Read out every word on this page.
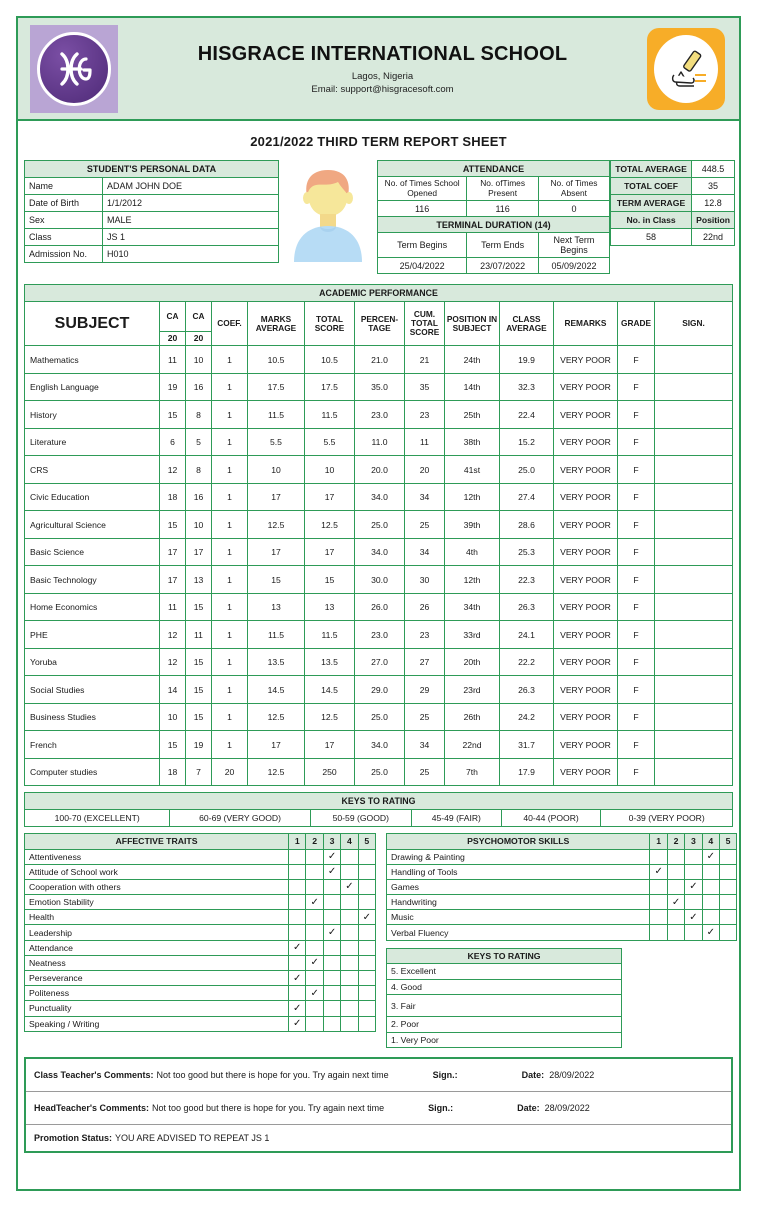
HISGRACE INTERNATIONAL SCHOOL
Lagos, Nigeria
Email: support@hisgracesoft.com
2021/2022 THIRD TERM REPORT SHEET
STUDENT'S PERSONAL DATA	
Name	ADAM JOHN DOE
Date of Birth	1/1/2012
Sex	MALE
Class	JS 1
Admission No.	H010
ATTENDANCE		
No. of Times School Opened	No. ofTimes Present	No. of Times Absent
116	116	0
TERMINAL DURATION (14)		
Term Begins	Term Ends	Next Term Begins
25/04/2022	23/07/2022	05/09/2022
TOTAL AVERAGE	448.5
TOTAL COEF	35
TERM AVERAGE	12.8
No. in Class	Position
58	22nd
ACADEMIC PERFORMANCE
SUBJECT	CA	CA	COEF.	MARKS AVERAGE	TOTAL SCORE	PERCEN-TAGE	CUM. TOTAL SCORE	POSITION IN SUBJECT	CLASS AVERAGE	REMARKS	GRADE	SIGN.
	20	20										
Mathematics	11	10	1	10.5	10.5	21.0	21	24th	19.9	VERY POOR	F	
English Language	19	16	1	17.5	17.5	35.0	35	14th	32.3	VERY POOR	F	
History	15	8	1	11.5	11.5	23.0	23	25th	22.4	VERY POOR	F	
Literature	6	5	1	5.5	5.5	11.0	11	38th	15.2	VERY POOR	F	
CRS	12	8	1	10	10	20.0	20	41st	25.0	VERY POOR	F	
Civic Education	18	16	1	17	17	34.0	34	12th	27.4	VERY POOR	F	
Agricultural Science	15	10	1	12.5	12.5	25.0	25	39th	28.6	VERY POOR	F	
Basic Science	17	17	1	17	17	34.0	34	4th	25.3	VERY POOR	F	
Basic Technology	17	13	1	15	15	30.0	30	12th	22.3	VERY POOR	F	
Home Economics	11	15	1	13	13	26.0	26	34th	26.3	VERY POOR	F	
PHE	12	11	1	11.5	11.5	23.0	23	33rd	24.1	VERY POOR	F	
Yoruba	12	15	1	13.5	13.5	27.0	27	20th	22.2	VERY POOR	F	
Social Studies	14	15	1	14.5	14.5	29.0	29	23rd	26.3	VERY POOR	F	
Business Studies	10	15	1	12.5	12.5	25.0	25	26th	24.2	VERY POOR	F	
French	15	19	1	17	17	34.0	34	22nd	31.7	VERY POOR	F	
Computer studies	18	7	20	12.5	250	25.0	25	7th	17.9	VERY POOR	F	
KEYS TO RATING
100-70 (EXCELLENT)	60-69 (VERY GOOD)	50-59 (GOOD)	45-49 (FAIR)	40-44 (POOR)	0-39 (VERY POOR)
AFFECTIVE TRAITS	1	2	3	4	5
Attentiveness			✓		
Attitude of School work			✓		
Cooperation with others				✓	
Emotion Stability		✓			
Health					✓
Leadership			✓		
Attendance	✓				
Neatness		✓			
Perseverance	✓				
Politeness		✓			
Punctuality	✓				
Speaking / Writing	✓				
PSYCHOMOTOR SKILLS	1	2	3	4	5
Drawing & Painting				✓	
Handling of Tools	✓				
Games			✓		
Handwriting		✓			
Music			✓		
Verbal Fluency				✓	
KEYS TO RATING
5. Excellent
4. Good
3. Fair
2. Poor
1. Very Poor
Class Teacher's Comments: Not too good but there is hope for you. Try again next time	Sign.:	Date: 28/09/2022
HeadTeacher's Comments: Not too good but there is hope for you. Try again next time	Sign.:	Date: 28/09/2022
Promotion Status: YOU ARE ADVISED TO REPEAT JS 1
